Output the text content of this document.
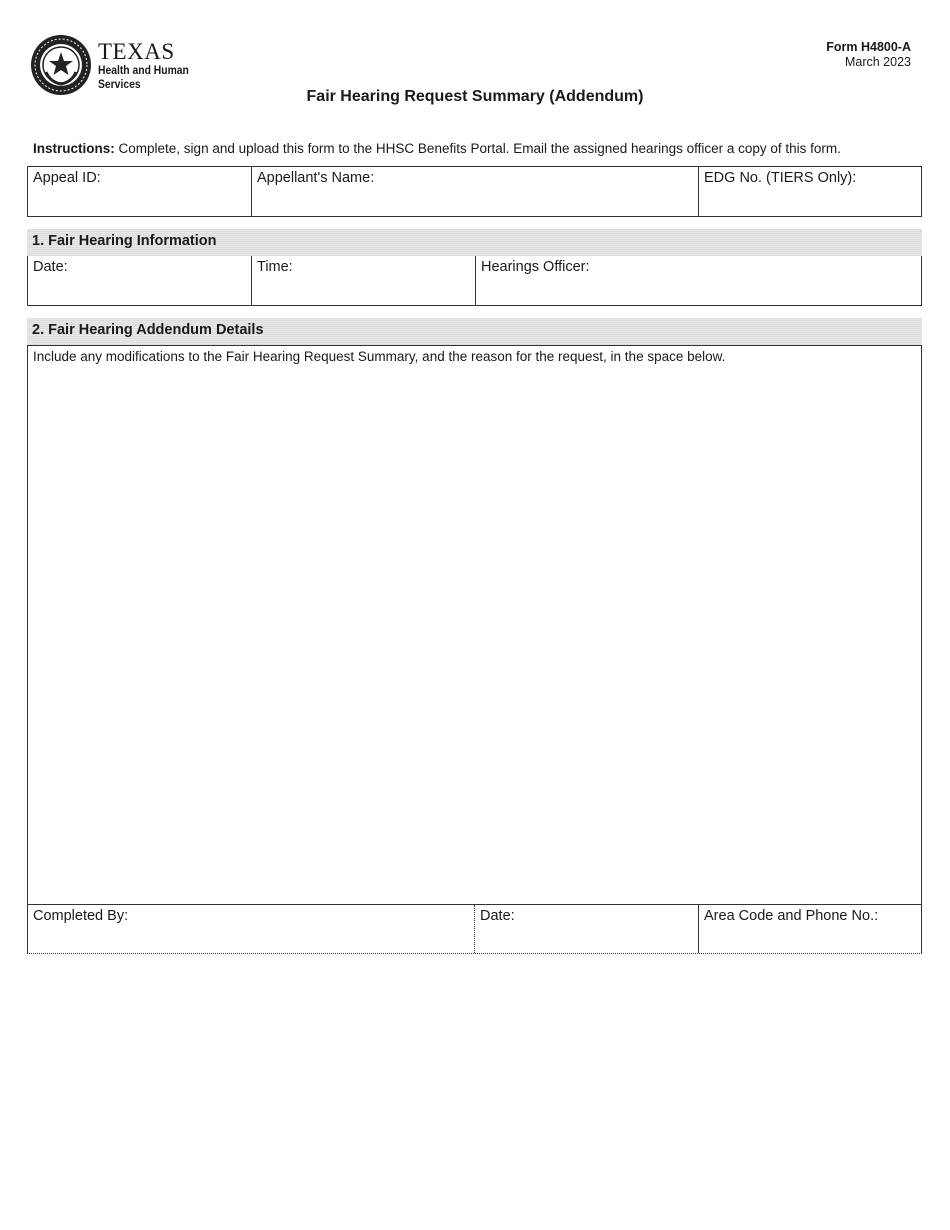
TEXAS
Health and Human
Services
Form H4800-A
March 2023
Fair Hearing Request Summary (Addendum)
Instructions: Complete, sign and upload this form to the HHSC Benefits Portal. Email the assigned hearings officer a copy of this form.
Appeal ID:	Appellant's Name:	EDG No. (TIERS Only):
1. Fair Hearing Information
Date:	Time:	Hearings Officer:
2. Fair Hearing Addendum Details
Include any modifications to the Fair Hearing Request Summary, and the reason for the request, in the space below.
Completed By:	Date:	Area Code and Phone No.:
